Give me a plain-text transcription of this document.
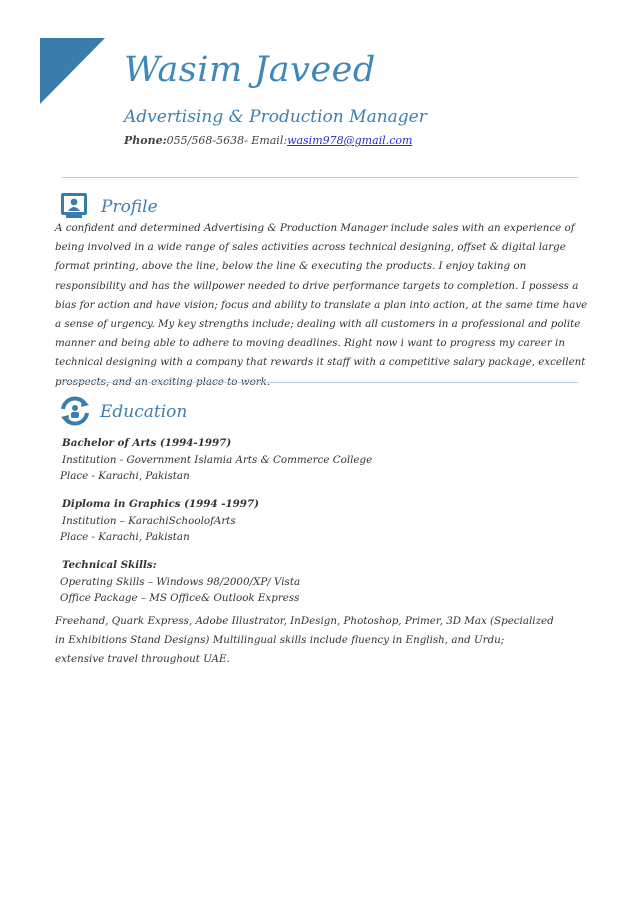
Wasim Javeed
Advertising & Production Manager
Phone:055/568-5638- Email:wasim978@gmail.com
Profile

A confident and determined Advertising & Production Manager include sales with an experience of being involved in a wide range of sales activities across technical designing, offset & digital large format printing, above the line, below the line & executing the products. I enjoy taking on responsibility and has the willpower needed to drive performance targets to completion. I possess a bias for action and have vision; focus and ability to translate a plan into action, at the same time have a sense of urgency. My key strengths include; dealing with all customers in a professional and polite manner and being able to adhere to moving deadlines. Right now i want to progress my career in technical designing with a company that rewards it staff with a competitive salary package, excellent prospects, and an exciting place to work.

Education
Bachelor of Arts (1994-1997)
Institution - Government Islamia Arts & Commerce College
Place - Karachi, Pakistan
Diploma in Graphics (1994 -1997)
Institution – KarachiSchoolofArts
Place - Karachi, Pakistan
Technical Skills:
Operating Skills – Windows 98/2000/XP/ Vista
Office Package – MS Office& Outlook Express

Freehand, Quark Express, Adobe Illustrator, InDesign, Photoshop, Primer, 3D Max (Specialized in Exhibitions Stand Designs) Multilingual skills include fluency in English, and Urdu; extensive travel throughout UAE.
